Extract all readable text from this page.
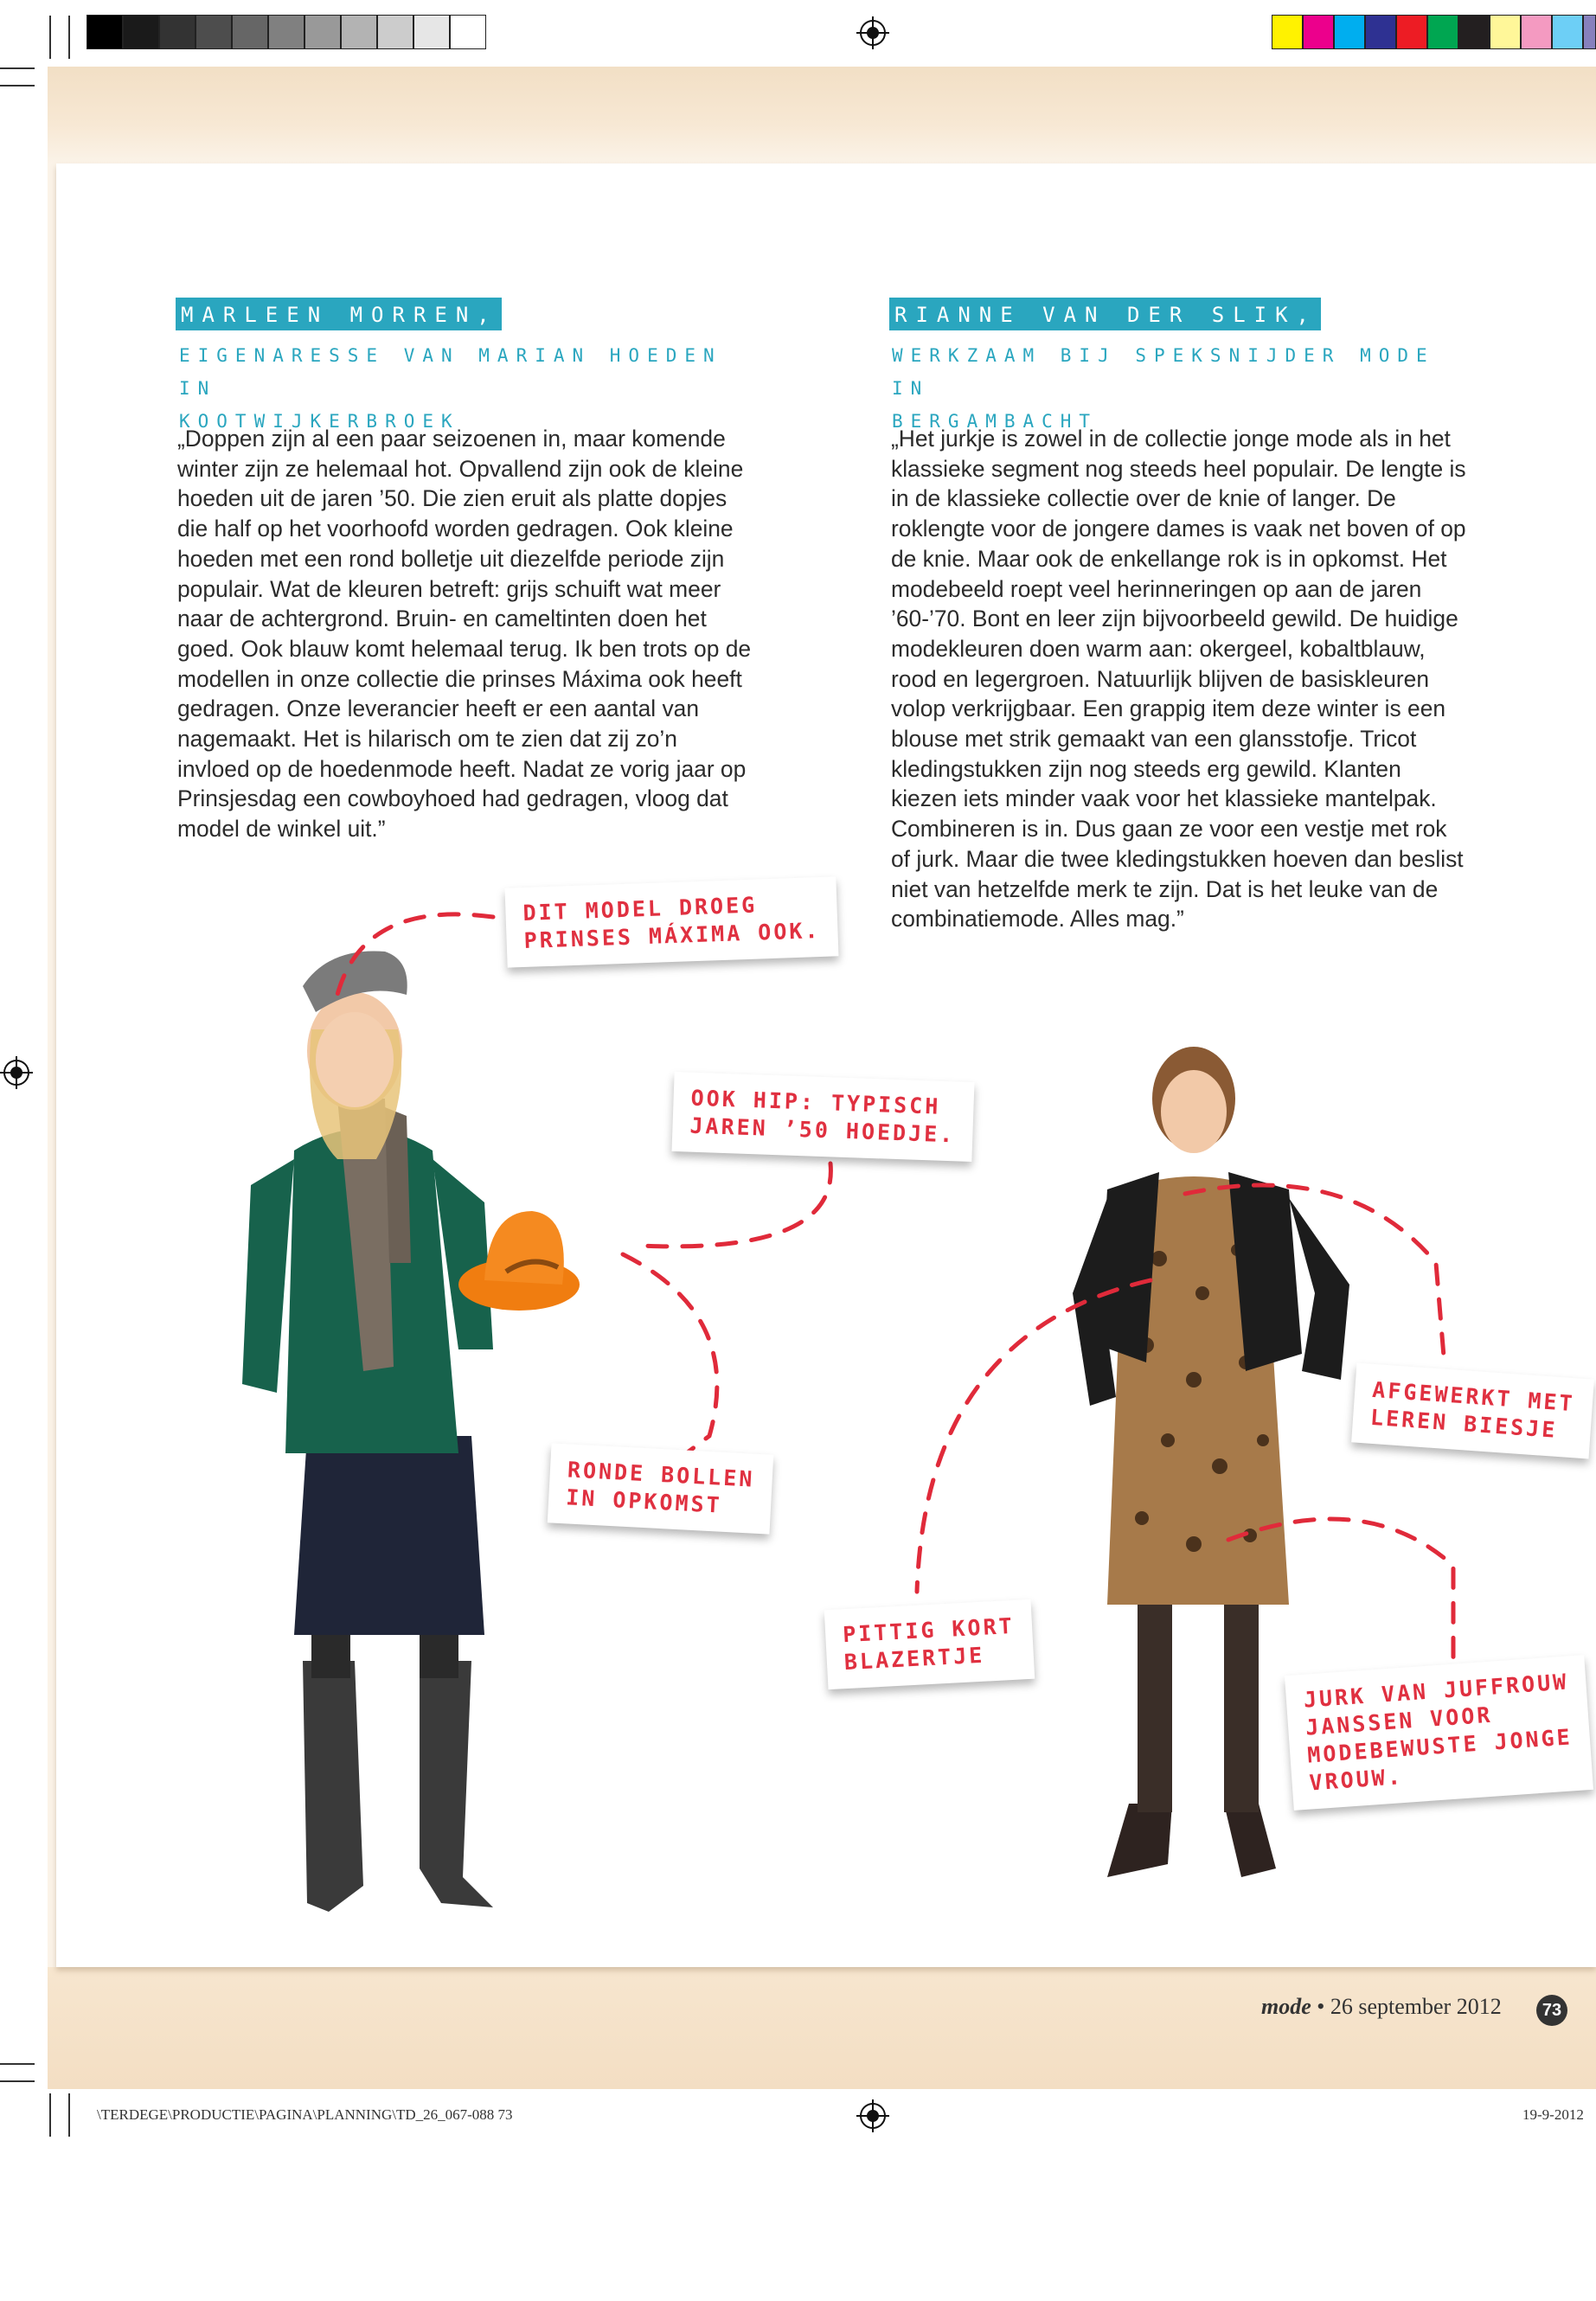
MARLEEN MORREN,
EIGENARESSE VAN MARIAN HOEDEN IN
KOOTWIJKERBROEK

„Doppen zijn al een paar seizoenen in, maar komende winter zijn ze helemaal hot. Opvallend zijn ook de kleine hoeden uit de jaren ’50. Die zien eruit als platte dopjes die half op het voorhoofd worden gedragen. Ook kleine hoeden met een rond bolletje uit diezelfde periode zijn populair. Wat de kleuren betreft: grijs schuift wat meer naar de achtergrond. Bruin- en cameltinten doen het goed. Ook blauw komt helemaal terug. Ik ben trots op de modellen in onze collectie die prinses Máxima ook heeft gedragen. Onze leverancier heeft er een aantal van nagemaakt. Het is hilarisch om te zien dat zij zo’n invloed op de hoedenmode heeft. Nadat ze vorig jaar op Prinsjesdag een cowboyhoed had gedragen, vloog dat model de winkel uit.”

RIANNE VAN DER SLIK,
WERKZAAM BIJ SPEKSNIJDER MODE IN
BERGAMBACHT

„Het jurkje is zowel in de collectie jonge mode als in het klassieke segment nog steeds heel populair. De lengte is in de klassieke collectie over de knie of langer. De roklengte voor de jongere dames is vaak net boven of op de knie. Maar ook de enkellange rok is in opkomst. Het modebeeld roept veel herinneringen op aan de jaren ’60-’70. Bont en leer zijn bijvoorbeeld gewild. De huidige modekleuren doen warm aan: okergeel, kobaltblauw, rood en legergroen. Natuurlijk blijven de basiskleuren volop verkrijgbaar. Een grappig item deze winter is een blouse met strik gemaakt van een glansstofje. Tricot kledingstukken zijn nog steeds erg gewild. Klanten kiezen iets minder vaak voor het klassieke mantelpak. Combineren is in. Dus gaan ze voor een vestje met rok of jurk. Maar die twee kledingstukken hoeven dan beslist niet van hetzelfde merk te zijn. Dat is het leuke van de combinatiemode. Alles mag.”

DIT MODEL DROEG
PRINSES MÁXIMA OOK.
OOK HIP: TYPISCH
JAREN ’50 HOEDJE.
RONDE BOLLEN
IN OPKOMST
PITTIG KORT
BLAZERTJE
AFGEWERKT MET
LEREN BIESJE
JURK VAN JUFFROUW
JANSSEN VOOR
MODEBEWUSTE JONGE
VROUW.
mode • 26 september 2012	73
\TERDEGE\PRODUCTIE\PAGINA\PLANNING\TD_26_067-088 73	19-9-2012
